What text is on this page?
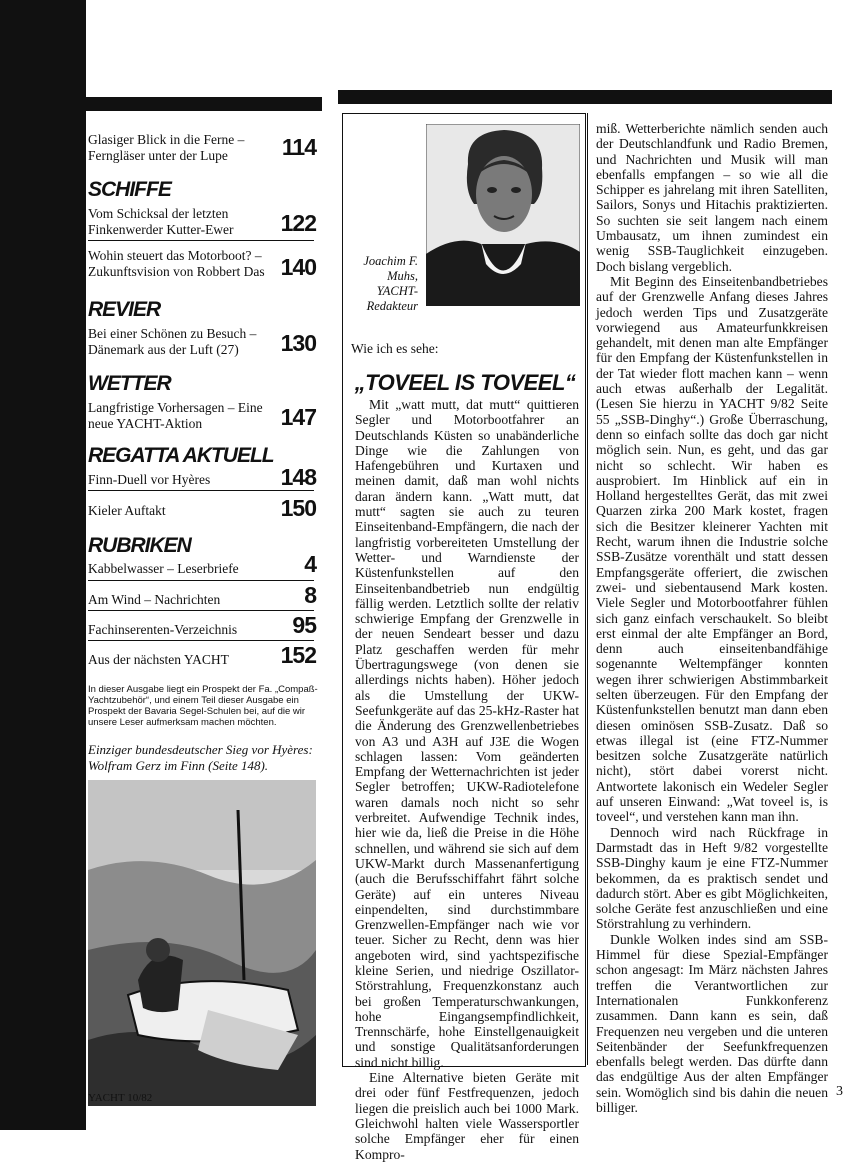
Glasiger Blick in die Ferne – Ferngläser unter der Lupe	114
SCHIFFE
Vom Schicksal der letzten Finkenwerder Kutter-Ewer	122
Wohin steuert das Motorboot? – Zukunftsvision von Robbert Das 140
REVIER
Bei einer Schönen zu Besuch – Dänemark aus der Luft (27)	130
WETTER
Langfristige Vorhersagen – Eine neue YACHT-Aktion	147
REGATTA AKTUELL
Finn-Duell vor Hyères	148
Kieler Auftakt	150
RUBRIKEN
Kabbelwasser – Leserbriefe	4
Am Wind – Nachrichten	8
Fachinserenten-Verzeichnis	95
Aus der nächsten YACHT	152
In dieser Ausgabe liegt ein Prospekt der Fa. „Compaß-Yachtzubehör“, und einem Teil dieser Ausgabe ein Prospekt der Bavaria Segel-Schulen bei, auf die wir unsere Leser aufmerksam machen möchten.
Einziger bundesdeutscher Sieg vor Hyères: Wolfram Gerz im Finn (Seite 148).
YACHT 10/82	3
Joachim F. Muhs, YACHT-Redakteur
Wie ich es sehe:
„TOVEEL IS TOVEEL“

Mit „watt mutt, dat mutt“ quittieren Segler und Motorbootfahrer an Deutschlands Küsten so unabänderliche Dinge wie die Zahlungen von Hafengebühren und Kurtaxen und meinen damit, daß man wohl nichts daran ändern kann. „Watt mutt, dat mutt“ sagten sie auch zu teuren Einseitenband-Empfängern, die nach der langfristig vorbereiteten Umstellung der Wetter- und Warndienste der Küstenfunkstellen auf den Einseitenbandbetrieb nun endgültig fällig werden. Letztlich sollte der relativ schwierige Empfang der Grenzwelle in der neuen Sendeart besser und dazu Platz geschaffen werden für mehr Übertragungswege (von denen sie allerdings nichts haben). Höher jedoch als die Umstellung der UKW-Seefunkgeräte auf das 25-kHz-Raster hat die Änderung des Grenzwellenbetriebes von A3 und A3H auf J3E die Wogen schlagen lassen: Vom geänderten Empfang der Wetternachrichten ist jeder Segler betroffen; UKW-Radiotelefone waren damals noch nicht so sehr verbreitet. Aufwendige Technik indes, hier wie da, ließ die Preise in die Höhe schnellen, und während sie sich auf dem UKW-Markt durch Massenanfertigung (auch die Berufsschiffahrt fährt solche Geräte) auf ein unteres Niveau einpendelten, sind durchstimmbare Grenzwellen-Empfänger nach wie vor teuer. Sicher zu Recht, denn was hier angeboten wird, sind yachtspezifische kleine Serien, und niedrige Oszillator-Störstrahlung, Frequenzkonstanz auch bei großen Temperaturschwankungen, hohe Eingangsempfindlichkeit, Trennschärfe, hohe Einstellgenauigkeit und sonstige Qualitätsanforderungen sind nicht billig.

Eine Alternative bieten Geräte mit drei oder fünf Festfrequenzen, jedoch liegen die preislich auch bei 1000 Mark. Gleichwohl halten viele Wassersportler solche Empfänger eher für einen Kompro-

miß. Wetterberichte nämlich senden auch der Deutschlandfunk und Radio Bremen, und Nachrichten und Musik will man ebenfalls empfangen – so wie all die Schipper es jahrelang mit ihren Satelliten, Sailors, Sonys und Hitachis praktizierten. So suchten sie seit langem nach einem Umbausatz, um ihnen zumindest ein wenig SSB-Tauglichkeit einzugeben. Doch bislang vergeblich.

Mit Beginn des Einseitenbandbetriebes auf der Grenzwelle Anfang dieses Jahres jedoch werden Tips und Zusatzgeräte vorwiegend aus Amateurfunkkreisen gehandelt, mit denen man alte Empfänger für den Empfang der Küstenfunkstellen in der Tat wieder flott machen kann – wenn auch etwas außerhalb der Legalität. (Lesen Sie hierzu in YACHT 9/82 Seite 55 „SSB-Dinghy“.) Große Überraschung, denn so einfach sollte das doch gar nicht möglich sein. Nun, es geht, und das gar nicht so schlecht. Wir haben es ausprobiert. Im Hinblick auf ein in Holland hergestelltes Gerät, das mit zwei Quarzen zirka 200 Mark kostet, fragen sich die Besitzer kleinerer Yachten mit Recht, warum ihnen die Industrie solche SSB-Zusätze vorenthält und statt dessen Empfangsgeräte offeriert, die zwischen zwei- und siebentausend Mark kosten. Viele Segler und Motorbootfahrer fühlen sich ganz einfach verschaukelt. So bleibt erst einmal der alte Empfänger an Bord, denn auch einseitenbandfähige sogenannte Weltempfänger konnten wegen ihrer schwierigen Abstimmbarkeit selten überzeugen. Für den Empfang der Küstenfunkstellen benutzt man dann eben diesen ominösen SSB-Zusatz. Daß so etwas illegal ist (eine FTZ-Nummer besitzen solche Zusatzgeräte natürlich nicht), stört dabei vorerst nicht. Antwortete lakonisch ein Wedeler Segler auf unseren Einwand: „Wat toveel is, is toveel“, und verstehen kann man ihn.

Dennoch wird nach Rückfrage in Darmstadt das in Heft 9/82 vorgestellte SSB-Dinghy kaum je eine FTZ-Nummer bekommen, da es praktisch sendet und dadurch stört. Aber es gibt Möglichkeiten, solche Geräte fest anzuschließen und eine Störstrahlung zu verhindern.

Dunkle Wolken indes sind am SSB-Himmel für diese Spezial-Empfänger schon angesagt: Im März nächsten Jahres treffen die Verantwortlichen zur Internationalen Funkkonferenz zusammen. Dann kann es sein, daß Frequenzen neu vergeben und die unteren Seitenbänder der Seefunkfrequenzen ebenfalls belegt werden. Das dürfte dann das endgültige Aus der alten Empfänger sein. Womöglich sind bis dahin die neuen billiger.
